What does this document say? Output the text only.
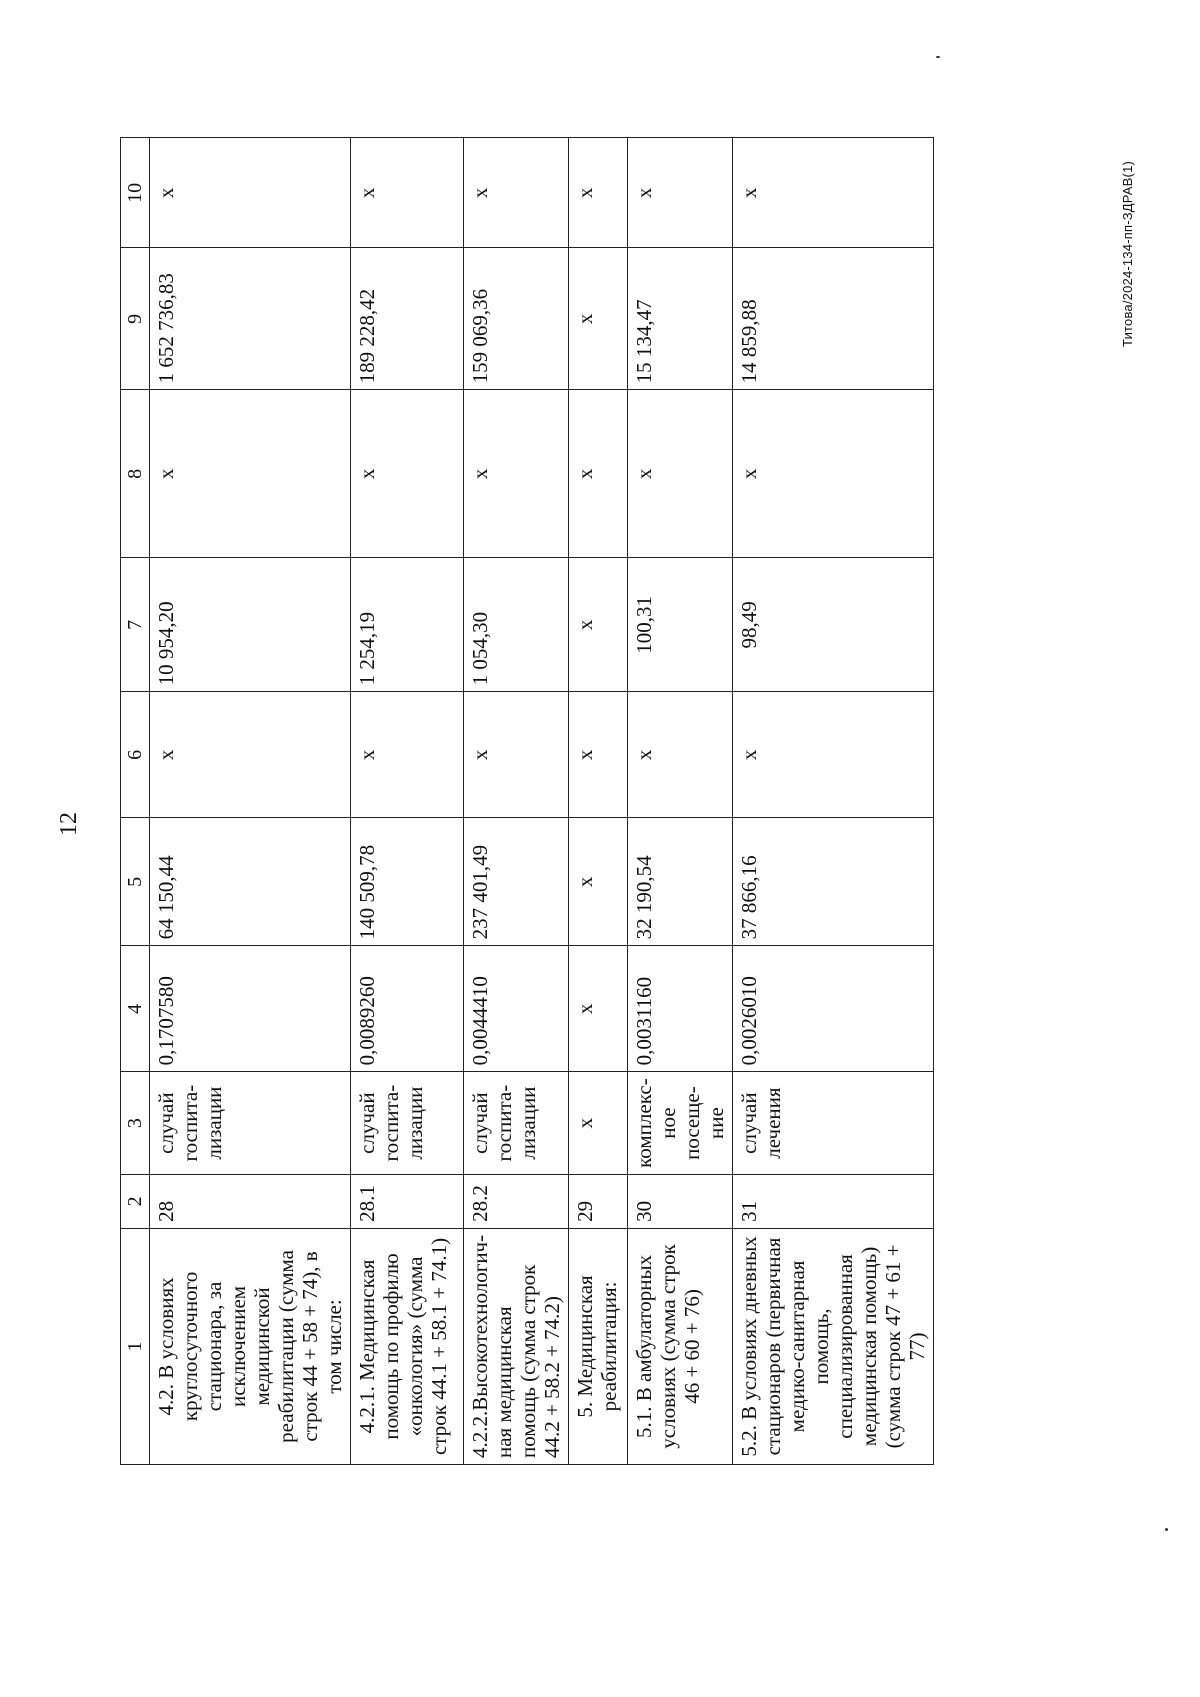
12
1	2	3	4	5	6	7	8	9	10
4.2. В условиях круглосуточного стационара, за исключением медицинской реабилитации (сумма строк 44 + 58 + 74), в том числе:	28	случай госпита-лизации	0,1707580	64 150,44	х	10 954,20	х	1 652 736,83	х
4.2.1. Медицинская помощь по профилю «онкология» (сумма строк 44.1 + 58.1 + 74.1)	28.1	случай госпита-лизации	0,0089260	140 509,78	х	1 254,19	х	189 228,42	х
4.2.2.Высокотехнологич-ная медицинская помощь (сумма строк 44.2 + 58.2 + 74.2)	28.2	случай госпита-лизации	0,0044410	237 401,49	х	1 054,30	х	159 069,36	х
5. Медицинская реабилитация:	29	х	х	х	х	х	х	х	х
5.1. В амбулаторных условиях (сумма строк 46 + 60 + 76)	30	комплекс-ное посеще-ние	0,0031160	32 190,54	х	100,31	х	15 134,47	х
5.2. В условиях дневных стационаров (первичная медико-санитарная помощь, специализированная медицинская помощь) (сумма строк 47 + 61 + 77)	31	случай лечения	0,0026010	37 866,16	х	98,49	х	14 859,88	х	Титова/2024-134-пп-ЗДРАВ(1)
